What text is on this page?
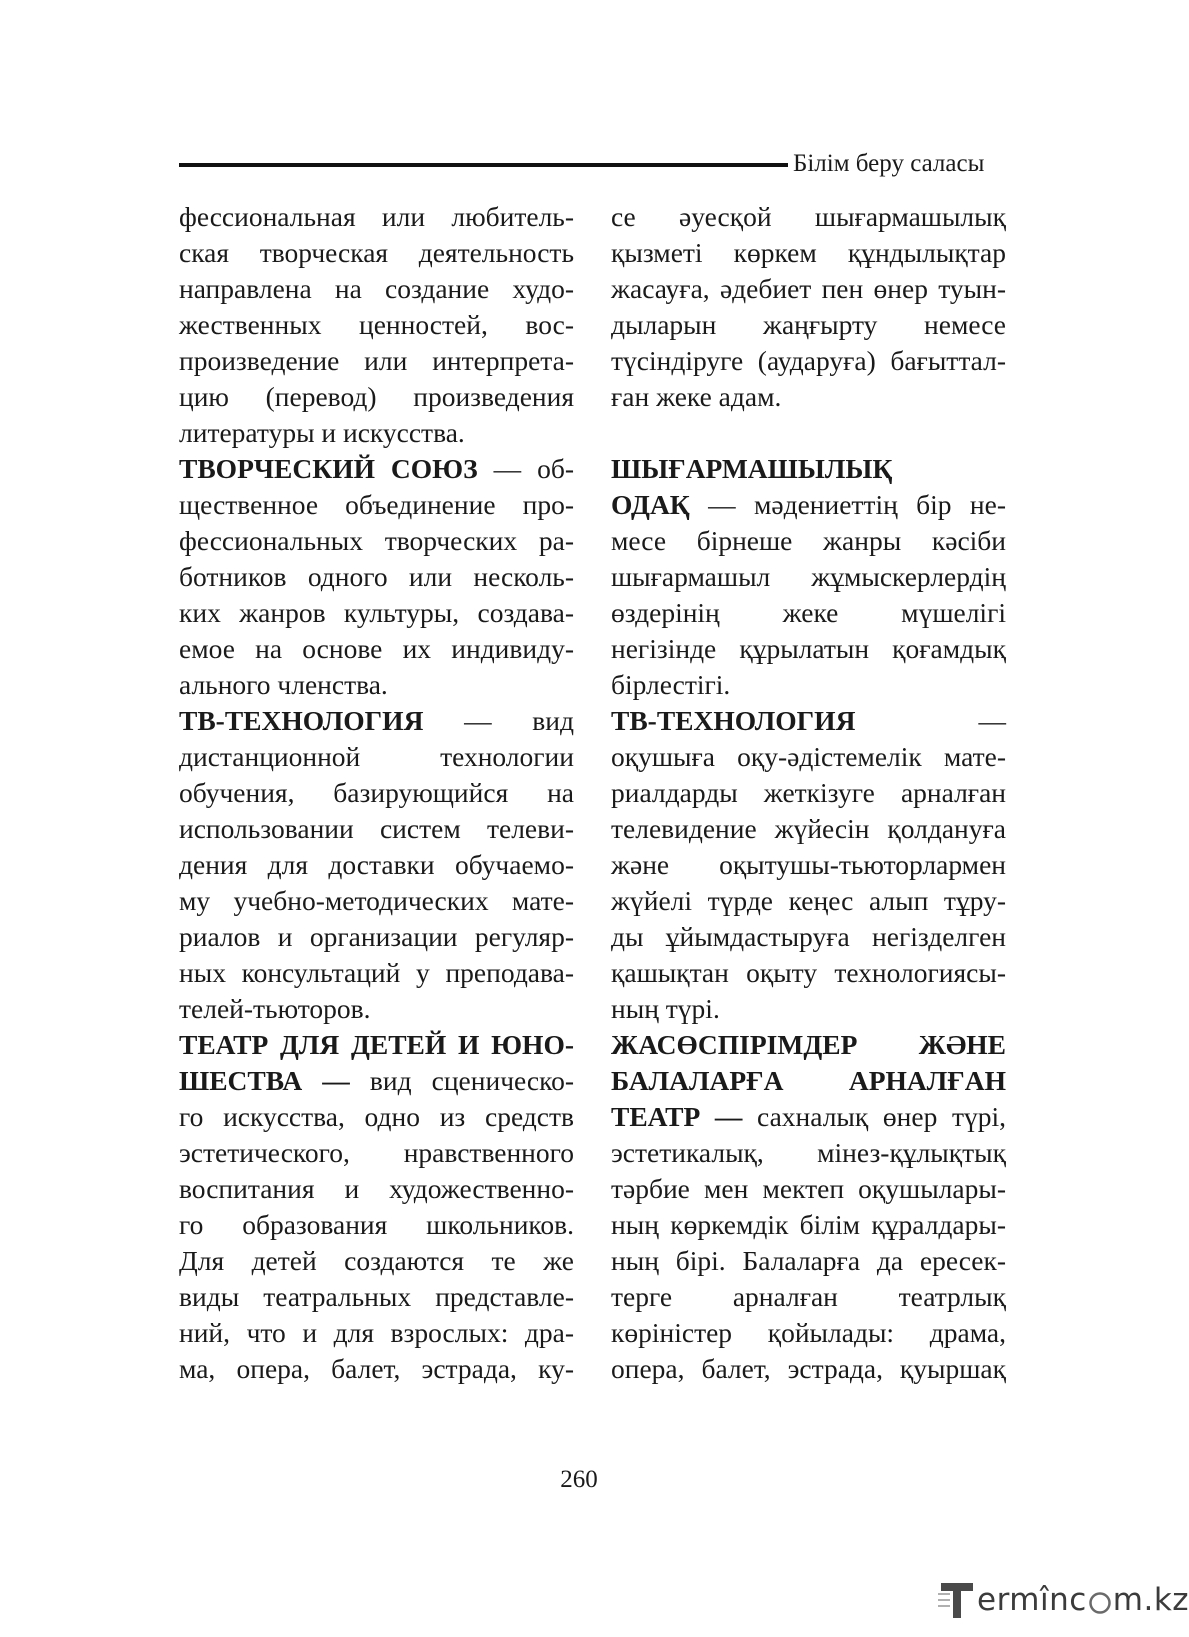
Білім беру саласы
фессиональная или любитель-
ская творческая деятельность
направлена на создание худо-
жественных ценностей, вос-
произведение или интерпрета-
цию (перевод) произведения
литературы и искусства.
ТВОРЧЕСКИЙ СОЮЗ — об-
щественное объединение про-
фессиональных творческих ра-
ботников одного или несколь-
ких жанров культуры, создава-
емое на основе их индивиду-
ального членства.
ТВ-ТЕХНОЛОГИЯ — вид
дистанционной технологии
обучения, базирующийся на
использовании систем телеви-
дения для доставки обучаемо-
му учебно-методических мате-
риалов и организации регуляр-
ных консультаций у преподава-
телей-тьюторов.
ТЕАТР ДЛЯ ДЕТЕЙ И ЮНО-
ШЕСТВА — вид сценическо-
го искусства, одно из средств
эстетического, нравственного
воспитания и художественно-
го образования школьников.
Для детей создаются те же
виды театральных представле-
ний, что и для взрослых: дра-
ма, опера, балет, эстрада, ку-
се әуесқой шығармашылық
қызметі көркем құндылықтар
жасауға, әдебиет пен өнер туын-
дыларын жаңғырту немесе
түсіндіруге (аударуға) бағыттал-
ған жеке адам.
ШЫҒАРМАШЫЛЫҚ
ОДАҚ — мәдениеттің бір не-
месе бірнеше жанры кәсіби
шығармашыл жұмыскерлердің
өздерінің жеке мүшелігі
негізінде құрылатын қоғамдық
бірлестігі.
ТВ-ТЕХНОЛОГИЯ —
оқушыға оқу-әдістемелік мате-
риалдарды жеткізуге арналған
телевидение жүйесін қолдануға
және оқытушы-тьюторлармен
жүйелі түрде кеңес алып тұру-
ды ұйымдастыруға негізделген
қашықтан оқыту технологиясы-
ның түрі.
ЖАСӨСПІРІМДЕР ЖӘНЕ
БАЛАЛАРҒА АРНАЛҒАН
ТЕАТР — сахналық өнер түрі,
эстетикалық, мінез-құлықтық
тәрбие мен мектеп оқушылары-
ның көркемдік білім құралдары-
ның бірі. Балаларға да ересек-
терге арналған театрлық
көріністер қойылады: драма,
опера, балет, эстрада, қуыршақ
260
ermînc m.kz
